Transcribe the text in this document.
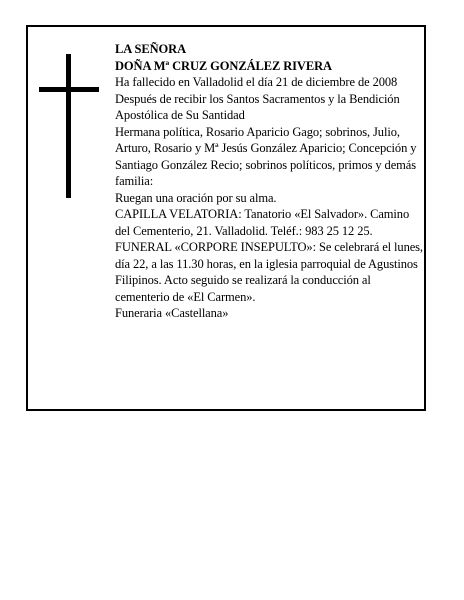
LA SEÑORA

DOÑA Mª CRUZ GONZÁLEZ RIVERA

Ha fallecido en Valladolid el día 21 de diciembre de 2008

Después de recibir los Santos Sacramentos y la Bendición Apostólica de Su Santidad

Hermana política, Rosario Aparicio Gago; sobrinos, Julio, Arturo, Rosario y Mª Jesús González Aparicio; Concepción y Santiago González Recio; sobrinos políticos, primos y demás familia:

Ruegan una oración por su alma.

CAPILLA VELATORIA: Tanatorio «El Salvador». Camino del Cementerio, 21. Valladolid. Teléf.: 983 25 12 25.

FUNERAL «CORPORE INSEPULTO»: Se celebrará el lunes, día 22, a las 11.30 horas, en la iglesia parroquial de Agustinos Filipinos. Acto seguido se realizará la conducción al cementerio de «El Carmen».

Funeraria «Castellana»
